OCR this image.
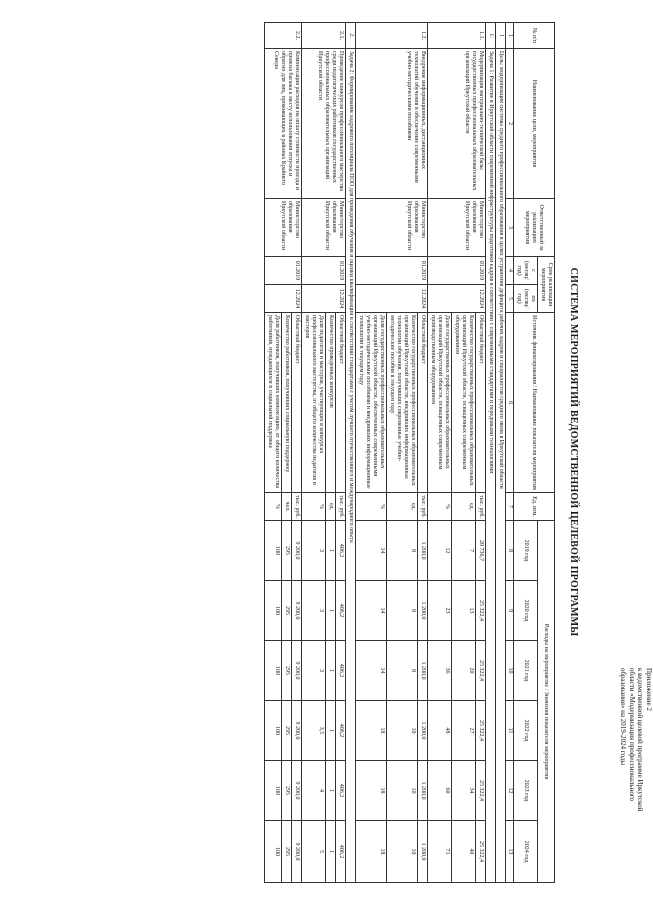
Приложение 2
к ведомственной целевой программе Иркутской
области «Модернизация профессионального
образования» на 2019-2024 годы
СИСТЕМА МЕРОПРИЯТИЙ ВЕДОМСТВЕННОЙ ЦЕЛЕВОЙ ПРОГРАММЫ
№ п/п	Наименование цели, мероприятия	Ответственный за реализацию мероприятия	Срок реализации мероприятия		Источник финансирования / Наименование показателя мероприятия	Ед. изм.	Расходы на мероприятие / Значения показателя мероприятия					
			с (месяц/ год)	по (месяц/ год)			2019 год	2020 год	2021 год	2022 год	2023 год	2024 год
1	2	3	4	5	6	7	8	9	10	11	12	13
1	Цель: модернизация системы среднего профессионального образования в целях устранения дефицита рабочих кадров и специалистов среднего звена в Иркутской области											
1.	Задача 1: Развитие в Иркутской области современной инфраструктуры подготовки кадров в соответствии с современными стандартами и передовыми технологиями											
1.1.	Модернизация материально-технической базы государственных профессиональных образовательных организаций Иркутской области	Министерство образования Иркутской области	01.2019	12.2024	Областной бюджет	тыс. руб.	20 736,7	25 322,4	25 322,4	25 322,4	25 322,4	25 322,4
					Количество государственных профессиональных образовательных организаций Иркутской области, оснащенных современным оборудованием	ед.	7	13	20	27	34	40
					Доля государственных профессиональных образовательных организаций Иркутской области, оснащенных современным производственным оборудованием	%	12	23	36	48	60	71
1.2.	Внедрение информационных, дистанционных технологий обучения в обеспечение современными учебно-методическими пособиями	Министерство образования Иркутской области	01.2019	12.2024	Областной бюджет	тыс. руб.	1 200,0	1 200,0	1 200,0	1 200,0	1 200,0	1 200,0
					Количество государственных профессиональных образовательных организаций Иркутской области, внедривших информационные технологии обучения, получивших современные учебно-методические пособия в текущем году	ед.	8	8	8	10	10	10
					Доля государственных профессиональных образовательных организаций Иркутской области, обеспеченных современными учебно-методическими пособиями и внедривших информационные технологии в текущем году	%	14	14	14	18	18	18
2.	Задача 2: Формирование кадрового потенциала ПОО для проведения обучения и оценки квалификации в соответствии стандартами с учетом лучшего отечественного и международного опыта											
2.1.	Проведение конкурсов профессионального мастерства среди педагогических работников государственных профессиональных образовательных организаций Иркутской области	Министерство образования Иркутской области	01.2019	12.2024	Областной бюджет	тыс. руб.	406,2	406,2	406,2	406,2	406,2	406,2
					Количество проведенных конкурсов	ед.	1	1	1	1	1	1
					Доля педагогов и мастеров, участвующих в конкурсах профессионального мастерства, от общего количества педагогов и мастеров	%	3	3	3	3,5	4	5
2.2.	Компенсация расходов на оплату стоимости проезда и провоза багажа к месту использования отпуска и обратно для лиц, проживающих в районах Крайнего Севера	Министерство образования Иркутской области	01.2019	12.2024	Областной бюджет	тыс. руб.	9 200,0	9 200,0	9 200,0	9 200,0	9 200,0	9 200,0
					Количество работников, получивших социальную поддержку	чел.	295	295	295	295	295	295
					Доля работников, получивших компенсацию, от общего количества работников, нуждающихся в социальной поддержке	%	100	100	100	100	100	100
